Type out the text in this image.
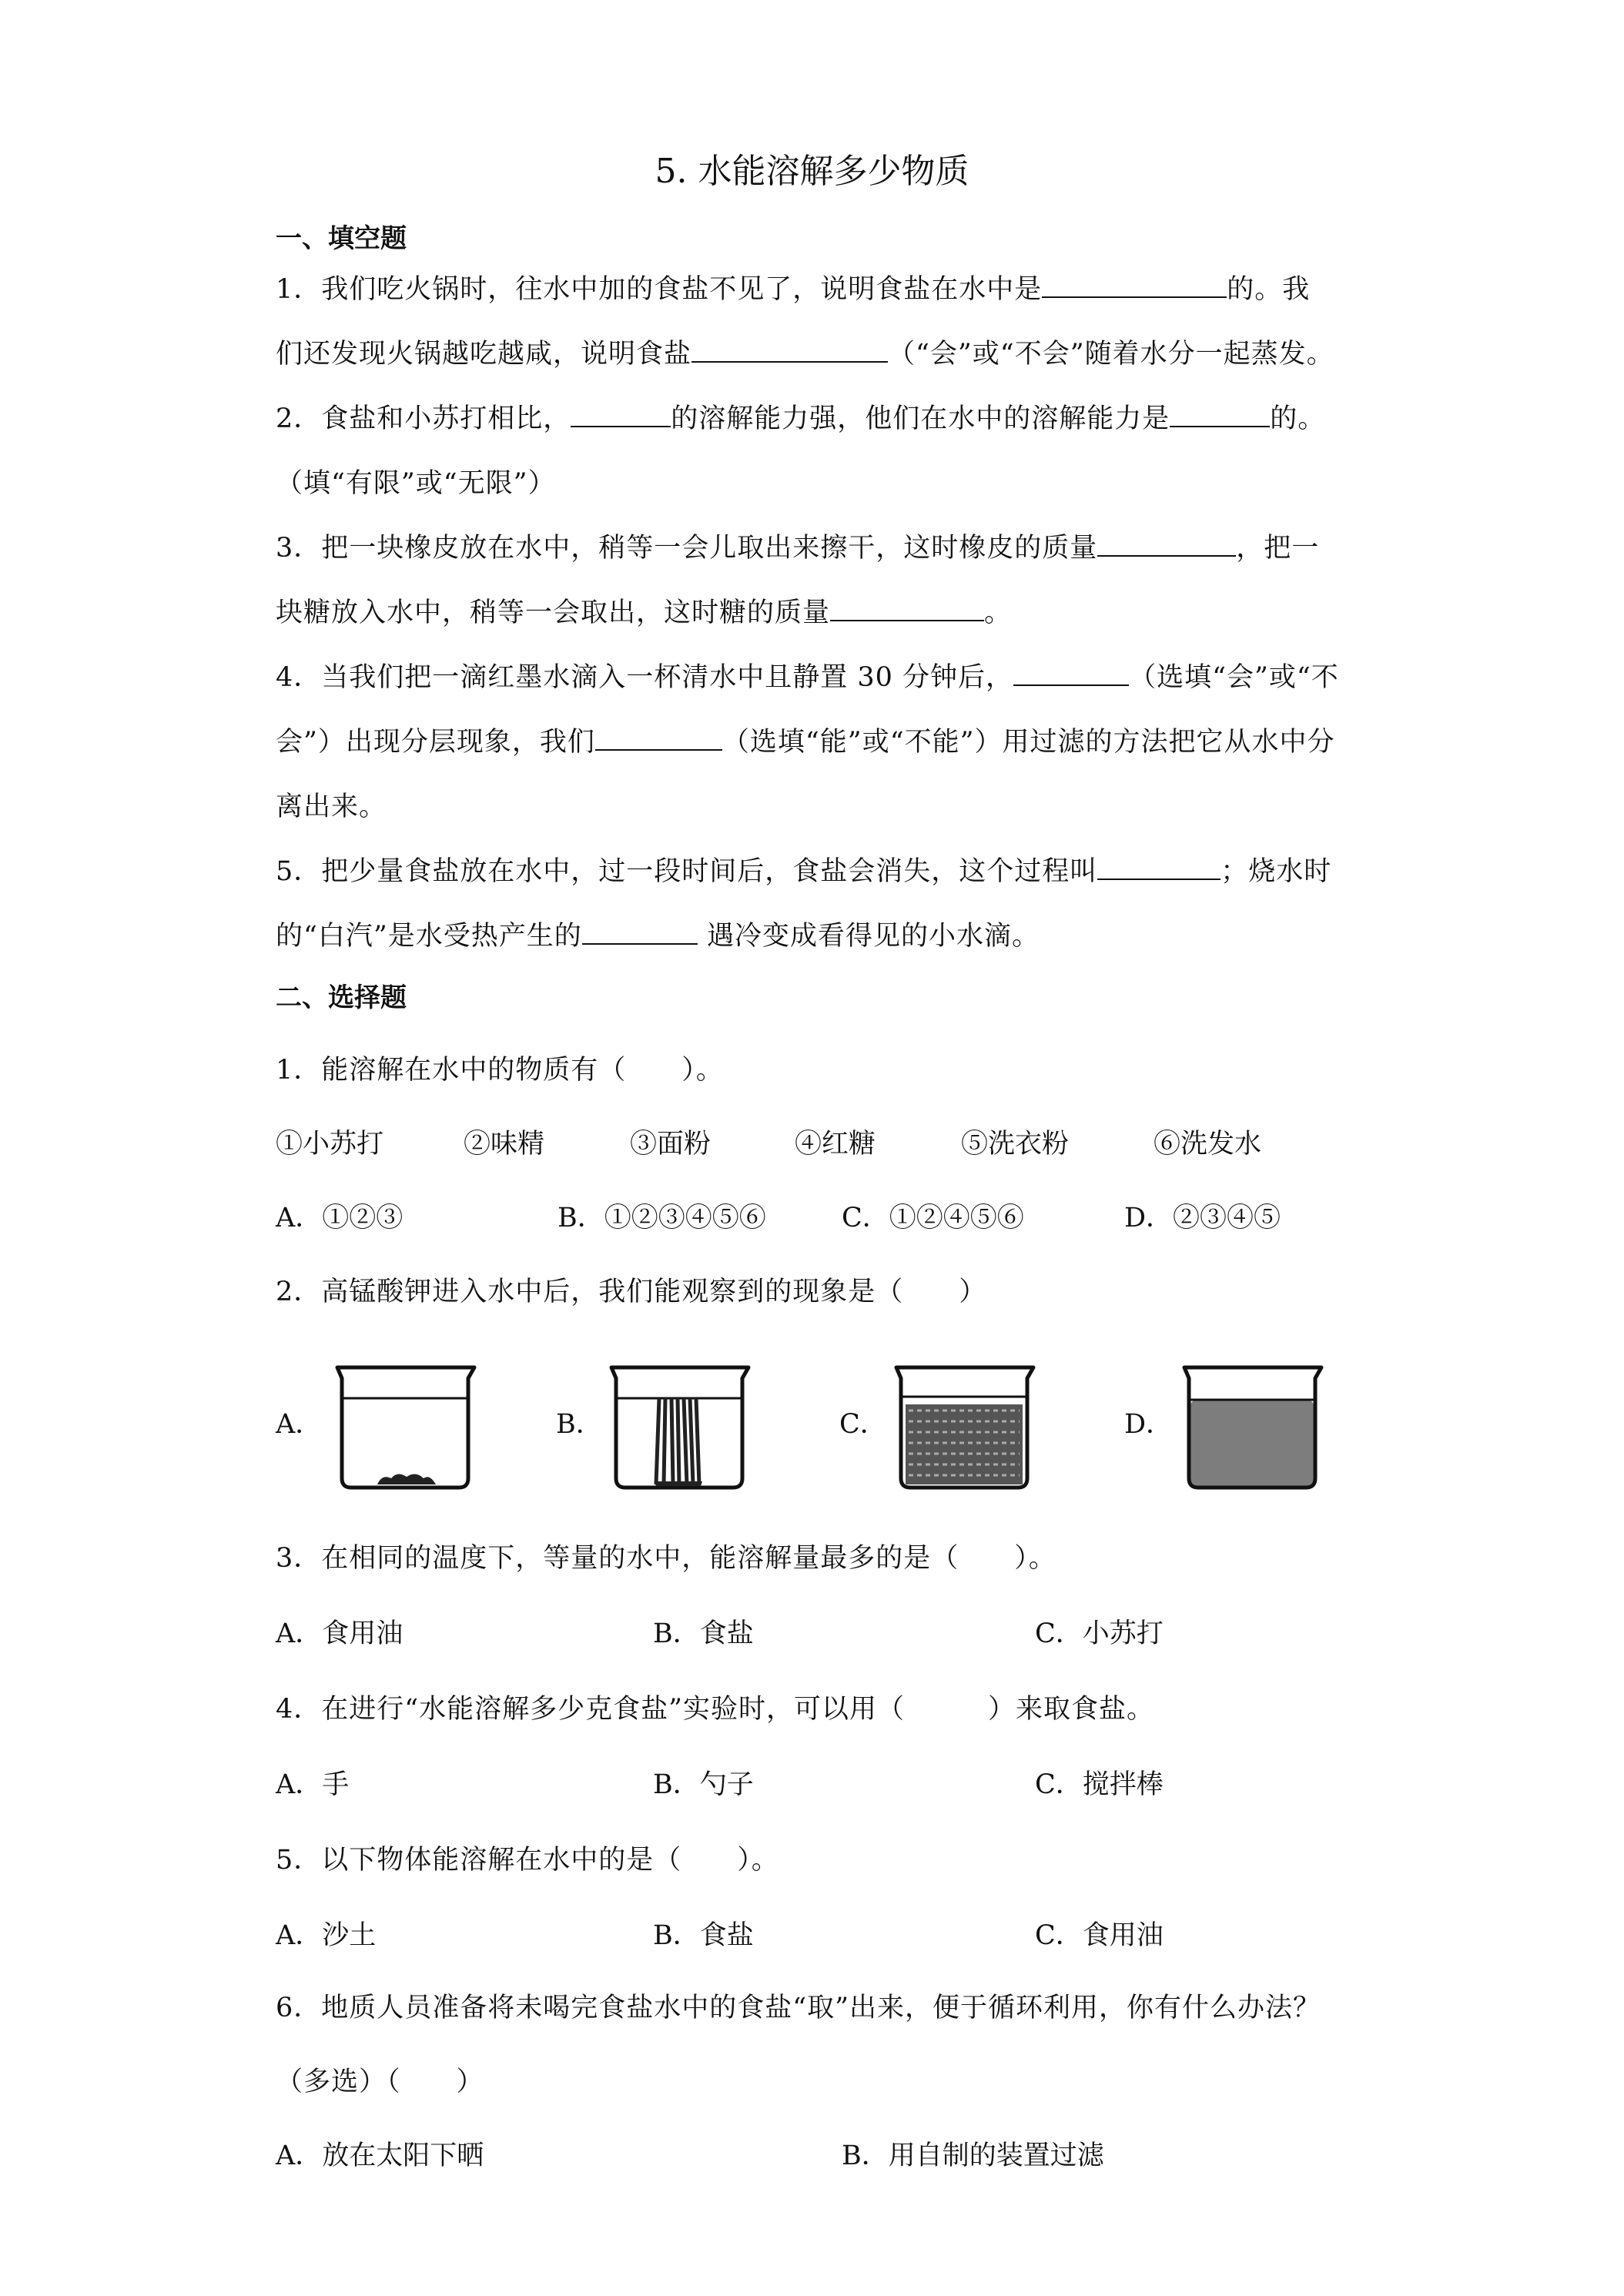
5. 水能溶解多少物质
一、填空题
1．我们吃火锅时，往水中加的食盐不见了，说明食盐在水中是	的。我
们还发现火锅越吃越咸，说明食盐	（“会”或“不会”随着水分一起蒸发。
2．食盐和小苏打相比，	的溶解能力强，他们在水中的溶解能力是	的。
（填“有限”或“无限”）
3．把一块橡皮放在水中，稍等一会儿取出来擦干，这时橡皮的质量	，把一
块糖放入水中，稍等一会取出，这时糖的质量	。
4．当我们把一滴红墨水滴入一杯清水中且静置 30 分钟后，	（选填“会”或“不
会”）出现分层现象，我们	（选填“能”或“不能”）用过滤的方法把它从水中分
离出来。
5．把少量食盐放在水中，过一段时间后，食盐会消失，这个过程叫	；烧水时
的“白汽”是水受热产生的	遇冷变成看得见的小水滴。
二、选择题
1．能溶解在水中的物质有（　　）。
①小苏打	②味精	③面粉	④红糖	⑤洗衣粉	⑥洗发水
A．①②③	B．①②③④⑤⑥	C．①②④⑤⑥	D．②③④⑤
2．高锰酸钾进入水中后，我们能观察到的现象是（　　）
A．	B．	C．	D．
3．在相同的温度下，等量的水中，能溶解量最多的是（　　）。
A．食用油	B．食盐	C．小苏打
4．在进行“水能溶解多少克食盐”实验时，可以用（　　　）来取食盐。
A．手	B．勺子	C．搅拌棒
5．以下物体能溶解在水中的是（　　）。
A．沙土	B．食盐	C．食用油
6．地质人员准备将未喝完食盐水中的食盐“取”出来，便于循环利用，你有什么办法？
（多选）（　　）
A．放在太阳下晒	B．用自制的装置过滤
